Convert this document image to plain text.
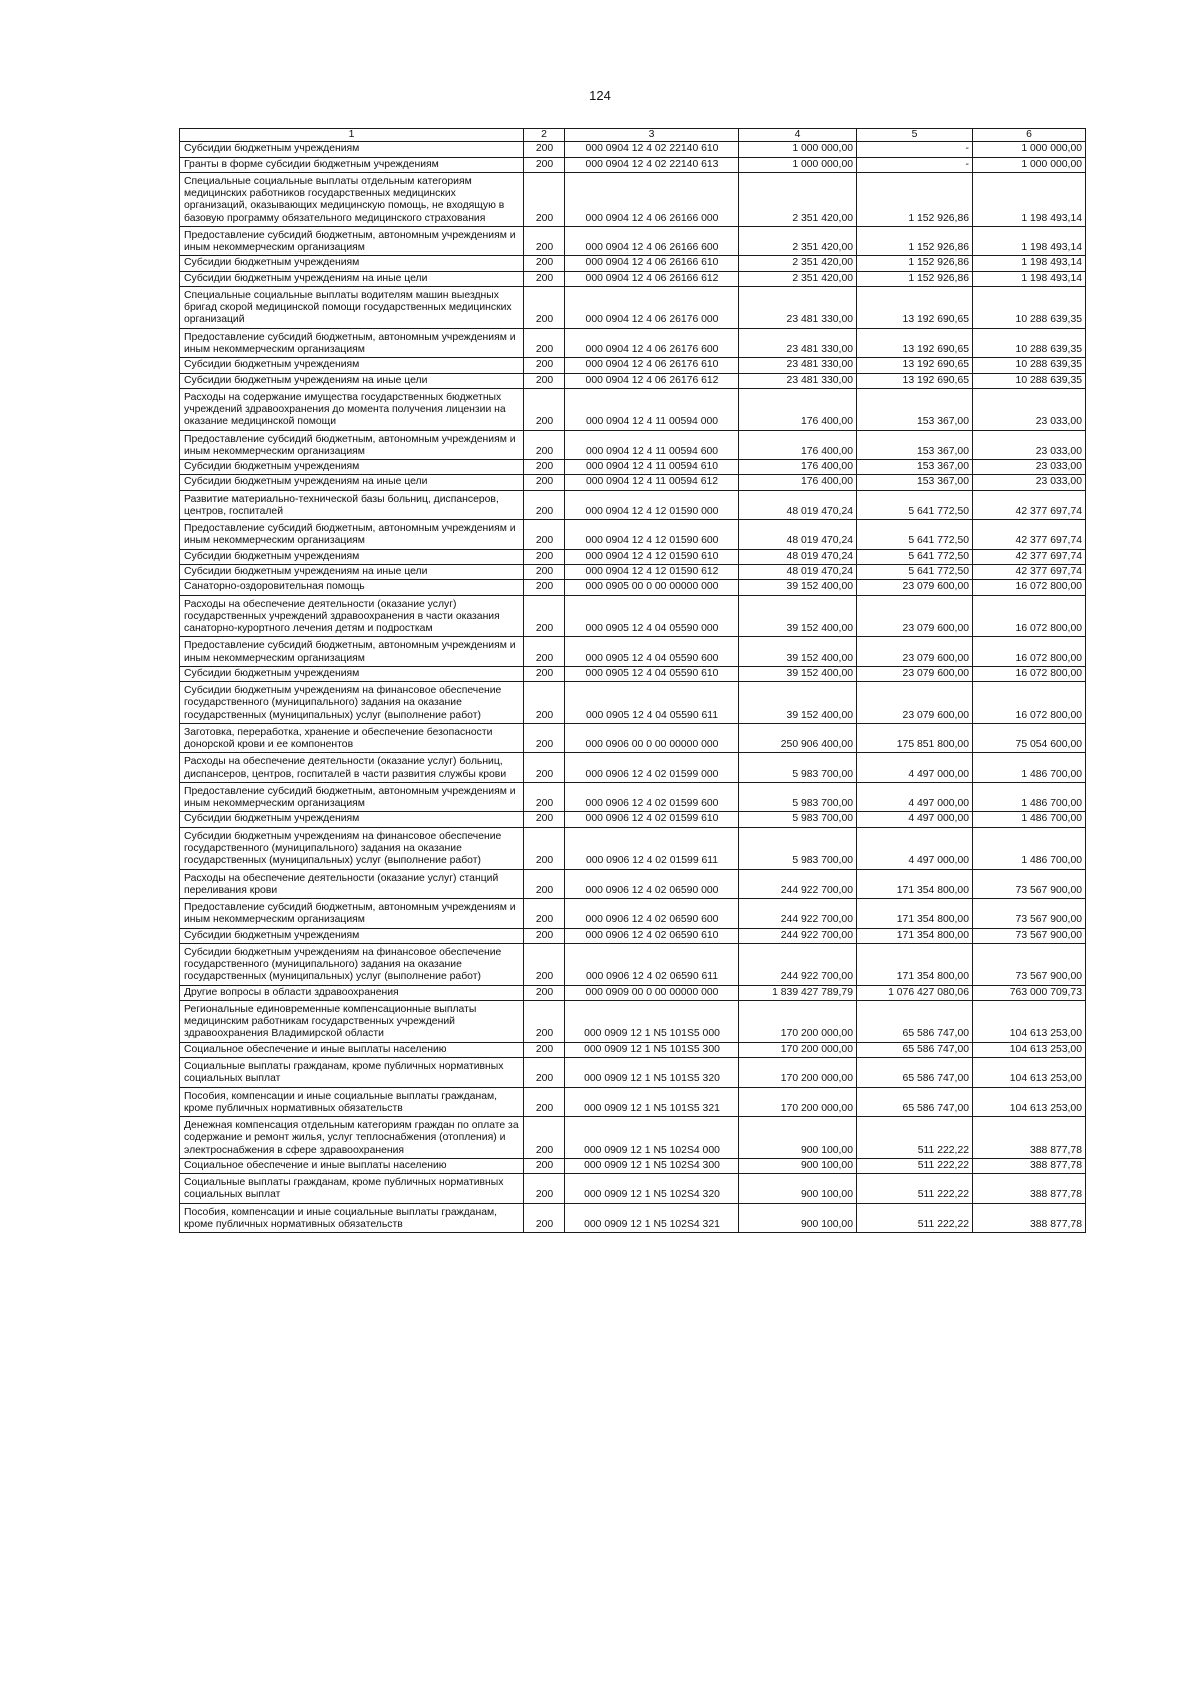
124
1	2	3	4	5	6
Субсидии бюджетным учреждениям	200	000 0904 12 4 02 22140 610	1 000 000,00	-	1 000 000,00
Гранты в форме субсидии бюджетным учреждениям	200	000 0904 12 4 02 22140 613	1 000 000,00	-	1 000 000,00
Специальные социальные выплаты отдельным категориям медицинских работников государственных медицинских организаций, оказывающих медицинскую помощь, не входящую в базовую программу обязательного медицинского страхования	200	000 0904 12 4 06 26166 000	2 351 420,00	1 152 926,86	1 198 493,14
Предоставление субсидий бюджетным, автономным учреждениям и иным некоммерческим организациям	200	000 0904 12 4 06 26166 600	2 351 420,00	1 152 926,86	1 198 493,14
Субсидии бюджетным учреждениям	200	000 0904 12 4 06 26166 610	2 351 420,00	1 152 926,86	1 198 493,14
Субсидии бюджетным учреждениям на иные цели	200	000 0904 12 4 06 26166 612	2 351 420,00	1 152 926,86	1 198 493,14
Специальные социальные выплаты водителям машин выездных бригад скорой медицинской помощи государственных медицинских организаций	200	000 0904 12 4 06 26176 000	23 481 330,00	13 192 690,65	10 288 639,35
Предоставление субсидий бюджетным, автономным учреждениям и иным некоммерческим организациям	200	000 0904 12 4 06 26176 600	23 481 330,00	13 192 690,65	10 288 639,35
Субсидии бюджетным учреждениям	200	000 0904 12 4 06 26176 610	23 481 330,00	13 192 690,65	10 288 639,35
Субсидии бюджетным учреждениям на иные цели	200	000 0904 12 4 06 26176 612	23 481 330,00	13 192 690,65	10 288 639,35
Расходы на содержание имущества государственных бюджетных учреждений здравоохранения до момента получения лицензии на оказание медицинской помощи	200	000 0904 12 4 11 00594 000	176 400,00	153 367,00	23 033,00
Предоставление субсидий бюджетным, автономным учреждениям и иным некоммерческим организациям	200	000 0904 12 4 11 00594 600	176 400,00	153 367,00	23 033,00
Субсидии бюджетным учреждениям	200	000 0904 12 4 11 00594 610	176 400,00	153 367,00	23 033,00
Субсидии бюджетным учреждениям на иные цели	200	000 0904 12 4 11 00594 612	176 400,00	153 367,00	23 033,00
Развитие материально-технической базы больниц, диспансеров, центров, госпиталей	200	000 0904 12 4 12 01590 000	48 019 470,24	5 641 772,50	42 377 697,74
Предоставление субсидий бюджетным, автономным учреждениям и иным некоммерческим организациям	200	000 0904 12 4 12 01590 600	48 019 470,24	5 641 772,50	42 377 697,74
Субсидии бюджетным учреждениям	200	000 0904 12 4 12 01590 610	48 019 470,24	5 641 772,50	42 377 697,74
Субсидии бюджетным учреждениям на иные цели	200	000 0904 12 4 12 01590 612	48 019 470,24	5 641 772,50	42 377 697,74
Санаторно-оздоровительная помощь	200	000 0905 00 0 00 00000 000	39 152 400,00	23 079 600,00	16 072 800,00
Расходы на обеспечение деятельности (оказание услуг) государственных учреждений здравоохранения в части оказания санаторно-курортного лечения детям и подросткам	200	000 0905 12 4 04 05590 000	39 152 400,00	23 079 600,00	16 072 800,00
Предоставление субсидий бюджетным, автономным учреждениям и иным некоммерческим организациям	200	000 0905 12 4 04 05590 600	39 152 400,00	23 079 600,00	16 072 800,00
Субсидии бюджетным учреждениям	200	000 0905 12 4 04 05590 610	39 152 400,00	23 079 600,00	16 072 800,00
Субсидии бюджетным учреждениям на финансовое обеспечение государственного (муниципального) задания на оказание государственных (муниципальных) услуг (выполнение работ)	200	000 0905 12 4 04 05590 611	39 152 400,00	23 079 600,00	16 072 800,00
Заготовка, переработка, хранение и обеспечение безопасности донорской крови и ее компонентов	200	000 0906 00 0 00 00000 000	250 906 400,00	175 851 800,00	75 054 600,00
Расходы на обеспечение деятельности (оказание услуг) больниц, диспансеров, центров, госпиталей в части развития службы крови	200	000 0906 12 4 02 01599 000	5 983 700,00	4 497 000,00	1 486 700,00
Предоставление субсидий бюджетным, автономным учреждениям и иным некоммерческим организациям	200	000 0906 12 4 02 01599 600	5 983 700,00	4 497 000,00	1 486 700,00
Субсидии бюджетным учреждениям	200	000 0906 12 4 02 01599 610	5 983 700,00	4 497 000,00	1 486 700,00
Субсидии бюджетным учреждениям на финансовое обеспечение государственного (муниципального) задания на оказание государственных (муниципальных) услуг (выполнение работ)	200	000 0906 12 4 02 01599 611	5 983 700,00	4 497 000,00	1 486 700,00
Расходы на обеспечение деятельности (оказание услуг) станций переливания крови	200	000 0906 12 4 02 06590 000	244 922 700,00	171 354 800,00	73 567 900,00
Предоставление субсидий бюджетным, автономным учреждениям и иным некоммерческим организациям	200	000 0906 12 4 02 06590 600	244 922 700,00	171 354 800,00	73 567 900,00
Субсидии бюджетным учреждениям	200	000 0906 12 4 02 06590 610	244 922 700,00	171 354 800,00	73 567 900,00
Субсидии бюджетным учреждениям на финансовое обеспечение государственного (муниципального) задания на оказание государственных (муниципальных) услуг (выполнение работ)	200	000 0906 12 4 02 06590 611	244 922 700,00	171 354 800,00	73 567 900,00
Другие вопросы в области здравоохранения	200	000 0909 00 0 00 00000 000	1 839 427 789,79	1 076 427 080,06	763 000 709,73
Региональные единовременные компенсационные выплаты медицинским работникам государственных учреждений здравоохранения Владимирской области	200	000 0909 12 1 N5 101S5 000	170 200 000,00	65 586 747,00	104 613 253,00
Социальное обеспечение и иные выплаты населению	200	000 0909 12 1 N5 101S5 300	170 200 000,00	65 586 747,00	104 613 253,00
Социальные выплаты гражданам, кроме публичных нормативных социальных выплат	200	000 0909 12 1 N5 101S5 320	170 200 000,00	65 586 747,00	104 613 253,00
Пособия, компенсации и иные социальные выплаты гражданам, кроме публичных нормативных обязательств	200	000 0909 12 1 N5 101S5 321	170 200 000,00	65 586 747,00	104 613 253,00
Денежная компенсация отдельным категориям граждан по оплате за содержание и ремонт жилья, услуг теплоснабжения (отопления) и электроснабжения в сфере здравоохранения	200	000 0909 12 1 N5 102S4 000	900 100,00	511 222,22	388 877,78
Социальное обеспечение и иные выплаты населению	200	000 0909 12 1 N5 102S4 300	900 100,00	511 222,22	388 877,78
Социальные выплаты гражданам, кроме публичных нормативных социальных выплат	200	000 0909 12 1 N5 102S4 320	900 100,00	511 222,22	388 877,78
Пособия, компенсации и иные социальные выплаты гражданам, кроме публичных нормативных обязательств	200	000 0909 12 1 N5 102S4 321	900 100,00	511 222,22	388 877,78
